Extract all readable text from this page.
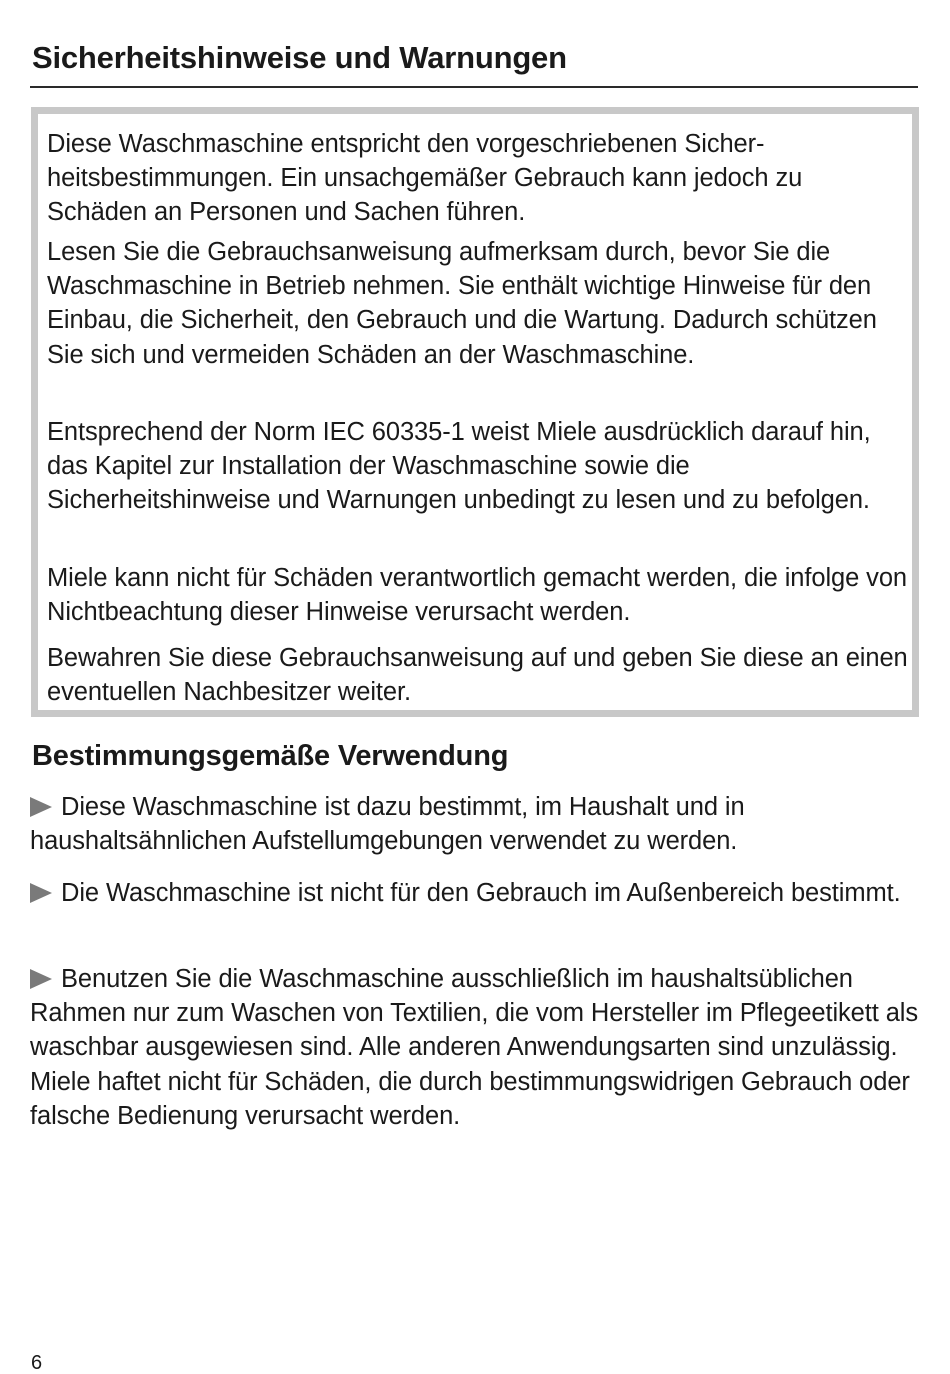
Sicherheitshinweise und Warnungen

Diese Waschmaschine entspricht den vorgeschriebenen Sicherheitsbestimmungen. Ein unsachgemäßer Gebrauch kann jedoch zu Schäden an Personen und Sachen führen.

Lesen Sie die Gebrauchsanweisung aufmerksam durch, bevor Sie die Waschmaschine in Betrieb nehmen. Sie enthält wichtige Hinweise für den Einbau, die Sicherheit, den Gebrauch und die Wartung. Dadurch schützen Sie sich und vermeiden Schäden an der Waschmaschine.

Entsprechend der Norm IEC 60335-1 weist Miele ausdrücklich darauf hin, das Kapitel zur Installation der Waschmaschine sowie die Sicherheitshinweise und Warnungen unbedingt zu lesen und zu befolgen.

Miele kann nicht für Schäden verantwortlich gemacht werden, die infolge von Nichtbeachtung dieser Hinweise verursacht werden.

Bewahren Sie diese Gebrauchsanweisung auf und geben Sie diese an einen eventuellen Nachbesitzer weiter.

Bestimmungsgemäße Verwendung

Diese Waschmaschine ist dazu bestimmt, im Haushalt und in haushaltsähnlichen Aufstellumgebungen verwendet zu werden.

Die Waschmaschine ist nicht für den Gebrauch im Außenbereich bestimmt.

Benutzen Sie die Waschmaschine ausschließlich im haushaltsüblichen Rahmen nur zum Waschen von Textilien, die vom Hersteller im Pflegeetikett als waschbar ausgewiesen sind. Alle anderen Anwendungsarten sind unzulässig. Miele haftet nicht für Schäden, die durch bestimmungswidrigen Gebrauch oder falsche Bedienung verursacht werden.

6
